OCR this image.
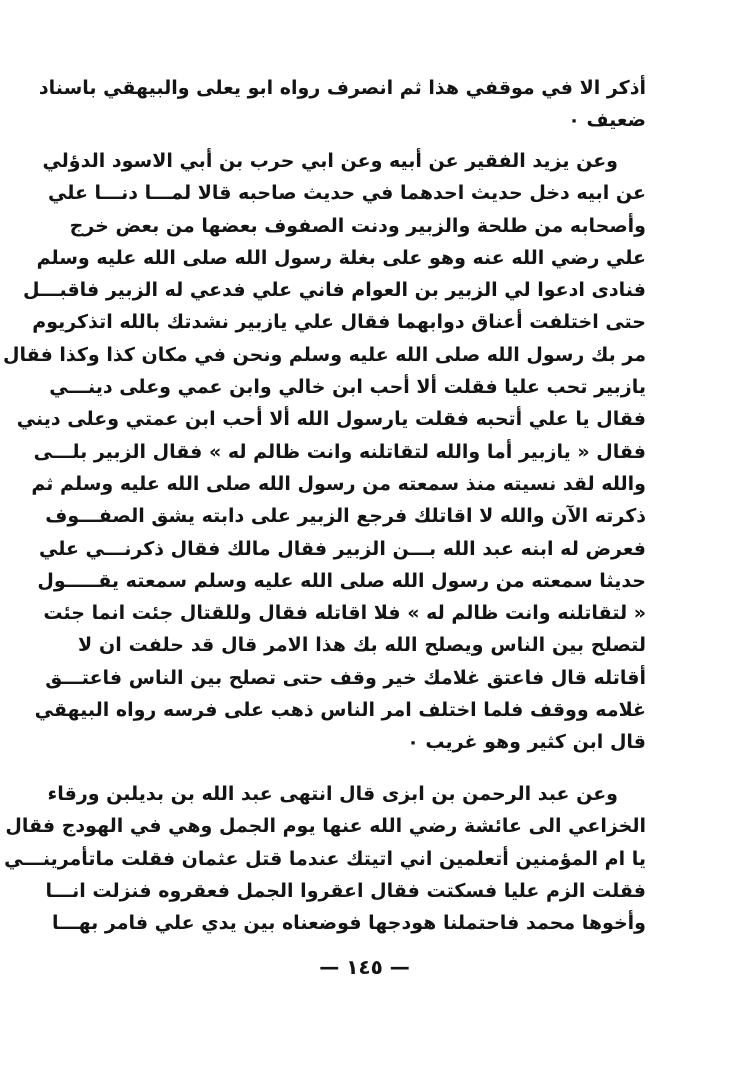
أذكر الا في موقفي هذا ثم انصرف رواه ابو يعلى والبيهقي باسناد
ضعيف ٠
وعن يزيد الفقير عن أبيه وعن ابي حرب بن أبي الاسود الدؤلي
عن ابيه دخل حديث احدهما في حديث صاحبه قالا لمـــا دنـــا علي
وأصحابه من طلحة والزبير ودنت الصفوف بعضها من بعض خرج
علي رضي الله عنه وهو على بغلة رسول الله صلى الله عليه وسلم
فنادى ادعوا لي الزبير بن العوام فاني علي فدعي له الزبير فاقبـــل
حتى اختلفت أعناق دوابهما فقال علي يازبير نشدتك بالله اتذكريوم
مر بك رسول الله صلى الله عليه وسلم ونحن في مكان كذا وكذا فقال
يازبير تحب عليا فقلت ألا أحب ابن خالي وابن عمي وعلى دينـــي
فقال يا علي أتحبه فقلت يارسول الله ألا أحب ابن عمتي وعلى ديني
فقال « يازبير أما والله لتقاتلنه وانت ظالم له » فقال الزبير بلـــى
والله لقد نسيته منذ سمعته من رسول الله صلى الله عليه وسلم ثم
ذكرته الآن والله لا اقاتلك فرجع الزبير على دابته يشق الصفـــوف
فعرض له ابنه عبد الله بـــن الزبير فقال مالك فقال ذكرنـــي علي
حديثا سمعته من رسول الله صلى الله عليه وسلم سمعته يقـــــول
« لتقاتلنه وانت ظالم له » فلا اقاتله فقال وللقتال جئت انما جئت
لتصلح بين الناس ويصلح الله بك هذا الامر قال قد حلفت ان لا
أقاتله قال فاعتق غلامك خير وقف حتى تصلح بين الناس فاعتـــق
غلامه ووقف فلما اختلف امر الناس ذهب على فرسه رواه البيهقي
قال ابن كثير وهو غريب ٠
وعن عبد الرحمن بن ابزى قال انتهى عبد الله بن بديلبن ورقاء
الخزاعي الى عائشة رضي الله عنها يوم الجمل وهي في الهودج فقال
يا ام المؤمنين أتعلمين اني اتيتك عندما قتل عثمان فقلت ماتأمرينـــي
فقلت الزم عليا فسكتت فقال اعقروا الجمل فعقروه فنزلت انـــا
وأخوها محمد فاحتملنا هودجها فوضعناه بين يدي علي فامر بهـــا
— ١٤٥ —
